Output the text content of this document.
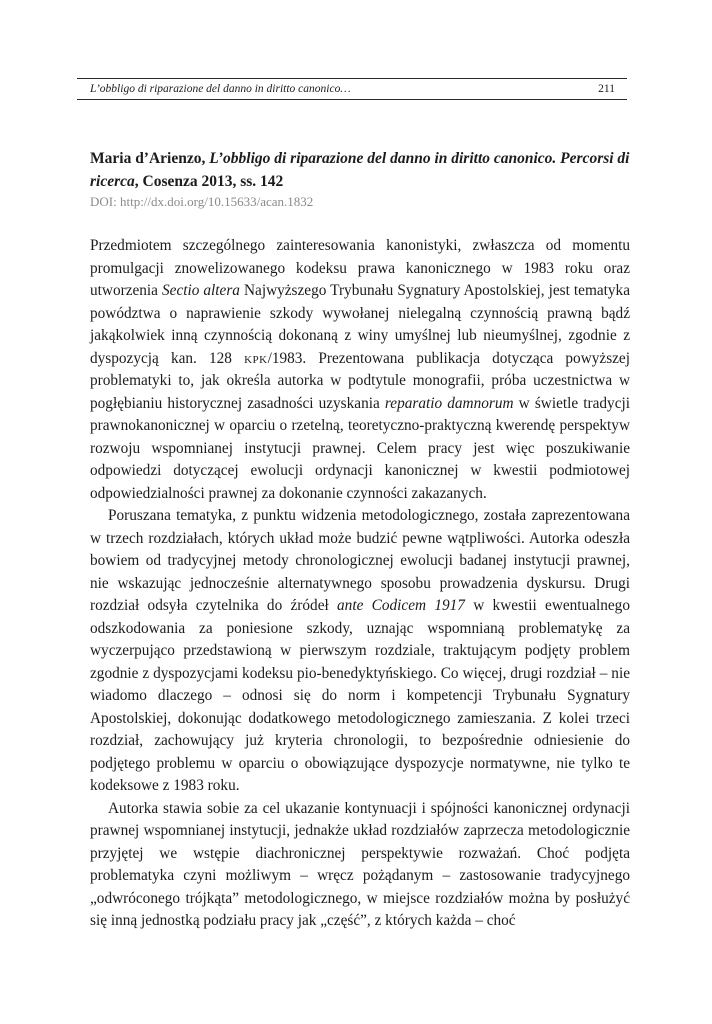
L’obbligo di riparazione del danno in diritto canonico…	211

Maria d’Arienzo, L’obbligo di riparazione del danno in diritto canonico. Percorsi di ricerca, Cosenza 2013, ss. 142

DOI: http://dx.doi.org/10.15633/acan.1832

Przedmiotem szczególnego zainteresowania kanonistyki, zwłaszcza od momentu promulgacji znowelizowanego kodeksu prawa kanonicznego w 1983 roku oraz utworzenia Sectio altera Najwyższego Trybunału Sygnatury Apostolskiej, jest tematyka powództwa o naprawienie szkody wywołanej nielegalną czynnością prawną bądź jakąkolwiek inną czynnością dokonaną z winy umyślnej lub nieumyślnej, zgodnie z dyspozycją kan. 128 kpk/1983. Prezentowana publikacja dotycząca powyższej problematyki to, jak określa autorka w podtytule monografii, próba uczestnictwa w pogłębianiu historycznej zasadności uzyskania reparatio damnorum w świetle tradycji prawnokanonicznej w oparciu o rzetelną, teoretyczno-praktyczną kwerendę perspektyw rozwoju wspomnianej instytucji prawnej. Celem pracy jest więc poszukiwanie odpowiedzi dotyczącej ewolucji ordynacji kanonicznej w kwestii podmiotowej odpowiedzialności prawnej za dokonanie czynności zakazanych.

Poruszana tematyka, z punktu widzenia metodologicznego, została zaprezentowana w trzech rozdziałach, których układ może budzić pewne wątpliwości. Autorka odeszła bowiem od tradycyjnej metody chronologicznej ewolucji badanej instytucji prawnej, nie wskazując jednocześnie alternatywnego sposobu prowadzenia dyskursu. Drugi rozdział odsyła czytelnika do źródeł ante Codicem 1917 w kwestii ewentualnego odszkodowania za poniesione szkody, uznając wspomnianą problematykę za wyczerpująco przedstawioną w pierwszym rozdziale, traktującym podjęty problem zgodnie z dyspozycjami kodeksu pio-benedyktyńskiego. Co więcej, drugi rozdział – nie wiadomo dlaczego – odnosi się do norm i kompetencji Trybunału Sygnatury Apostolskiej, dokonując dodatkowego metodologicznego zamieszania. Z kolei trzeci rozdział, zachowujący już kryteria chronologii, to bezpośrednie odniesienie do podjętego problemu w oparciu o obowiązujące dyspozycje normatywne, nie tylko te kodeksowe z 1983 roku.

Autorka stawia sobie za cel ukazanie kontynuacji i spójności kanonicznej ordynacji prawnej wspomnianej instytucji, jednakże układ rozdziałów zaprzecza metodologicznie przyjętej we wstępie diachronicznej perspektywie rozważań. Choć podjęta problematyka czyni możliwym – wręcz pożądanym – zastosowanie tradycyjnego „odwróconego trójkąta” metodologicznego, w miejsce rozdziałów można by posłużyć się inną jednostką podziału pracy jak „część”, z których każda – choć
